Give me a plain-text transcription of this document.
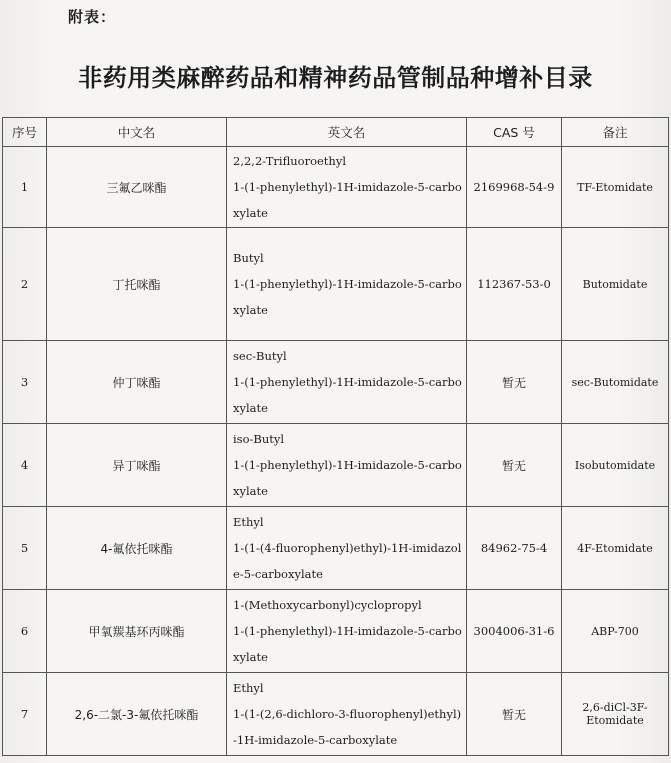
附表：
非药用类麻醉药品和精神药品管制品种增补目录
序号	中文名	英文名	CAS 号	备注
1	三氟乙咪酯	2,2,2-Trifluoroethyl
1-(1-phenylethyl)-1H-imidazole-5-carbo
xylate	2169968-54-9	TF-Etomidate
2	丁托咪酯	Butyl
1-(1-phenylethyl)-1H-imidazole-5-carbo
xylate	112367-53-0	Butomidate
3	仲丁咪酯	sec-Butyl
1-(1-phenylethyl)-1H-imidazole-5-carbo
xylate	暂无	sec-Butomidate
4	异丁咪酯	iso-Butyl
1-(1-phenylethyl)-1H-imidazole-5-carbo
xylate	暂无	Isobutomidate
5	4-氟依托咪酯	Ethyl
1-(1-(4-fluorophenyl)ethyl)-1H-imidazol
e-5-carboxylate	84962-75-4	4F-Etomidate
6	甲氧羰基环丙咪酯	1-(Methoxycarbonyl)cyclopropyl
1-(1-phenylethyl)-1H-imidazole-5-carbo
xylate	3004006-31-6	ABP-700
7	2,6-二氯-3-氟依托咪酯	Ethyl
1-(1-(2,6-dichloro-3-fluorophenyl)ethyl)
-1H-imidazole-5-carboxylate	暂无	2,6-diCl-3F-Etomidate
